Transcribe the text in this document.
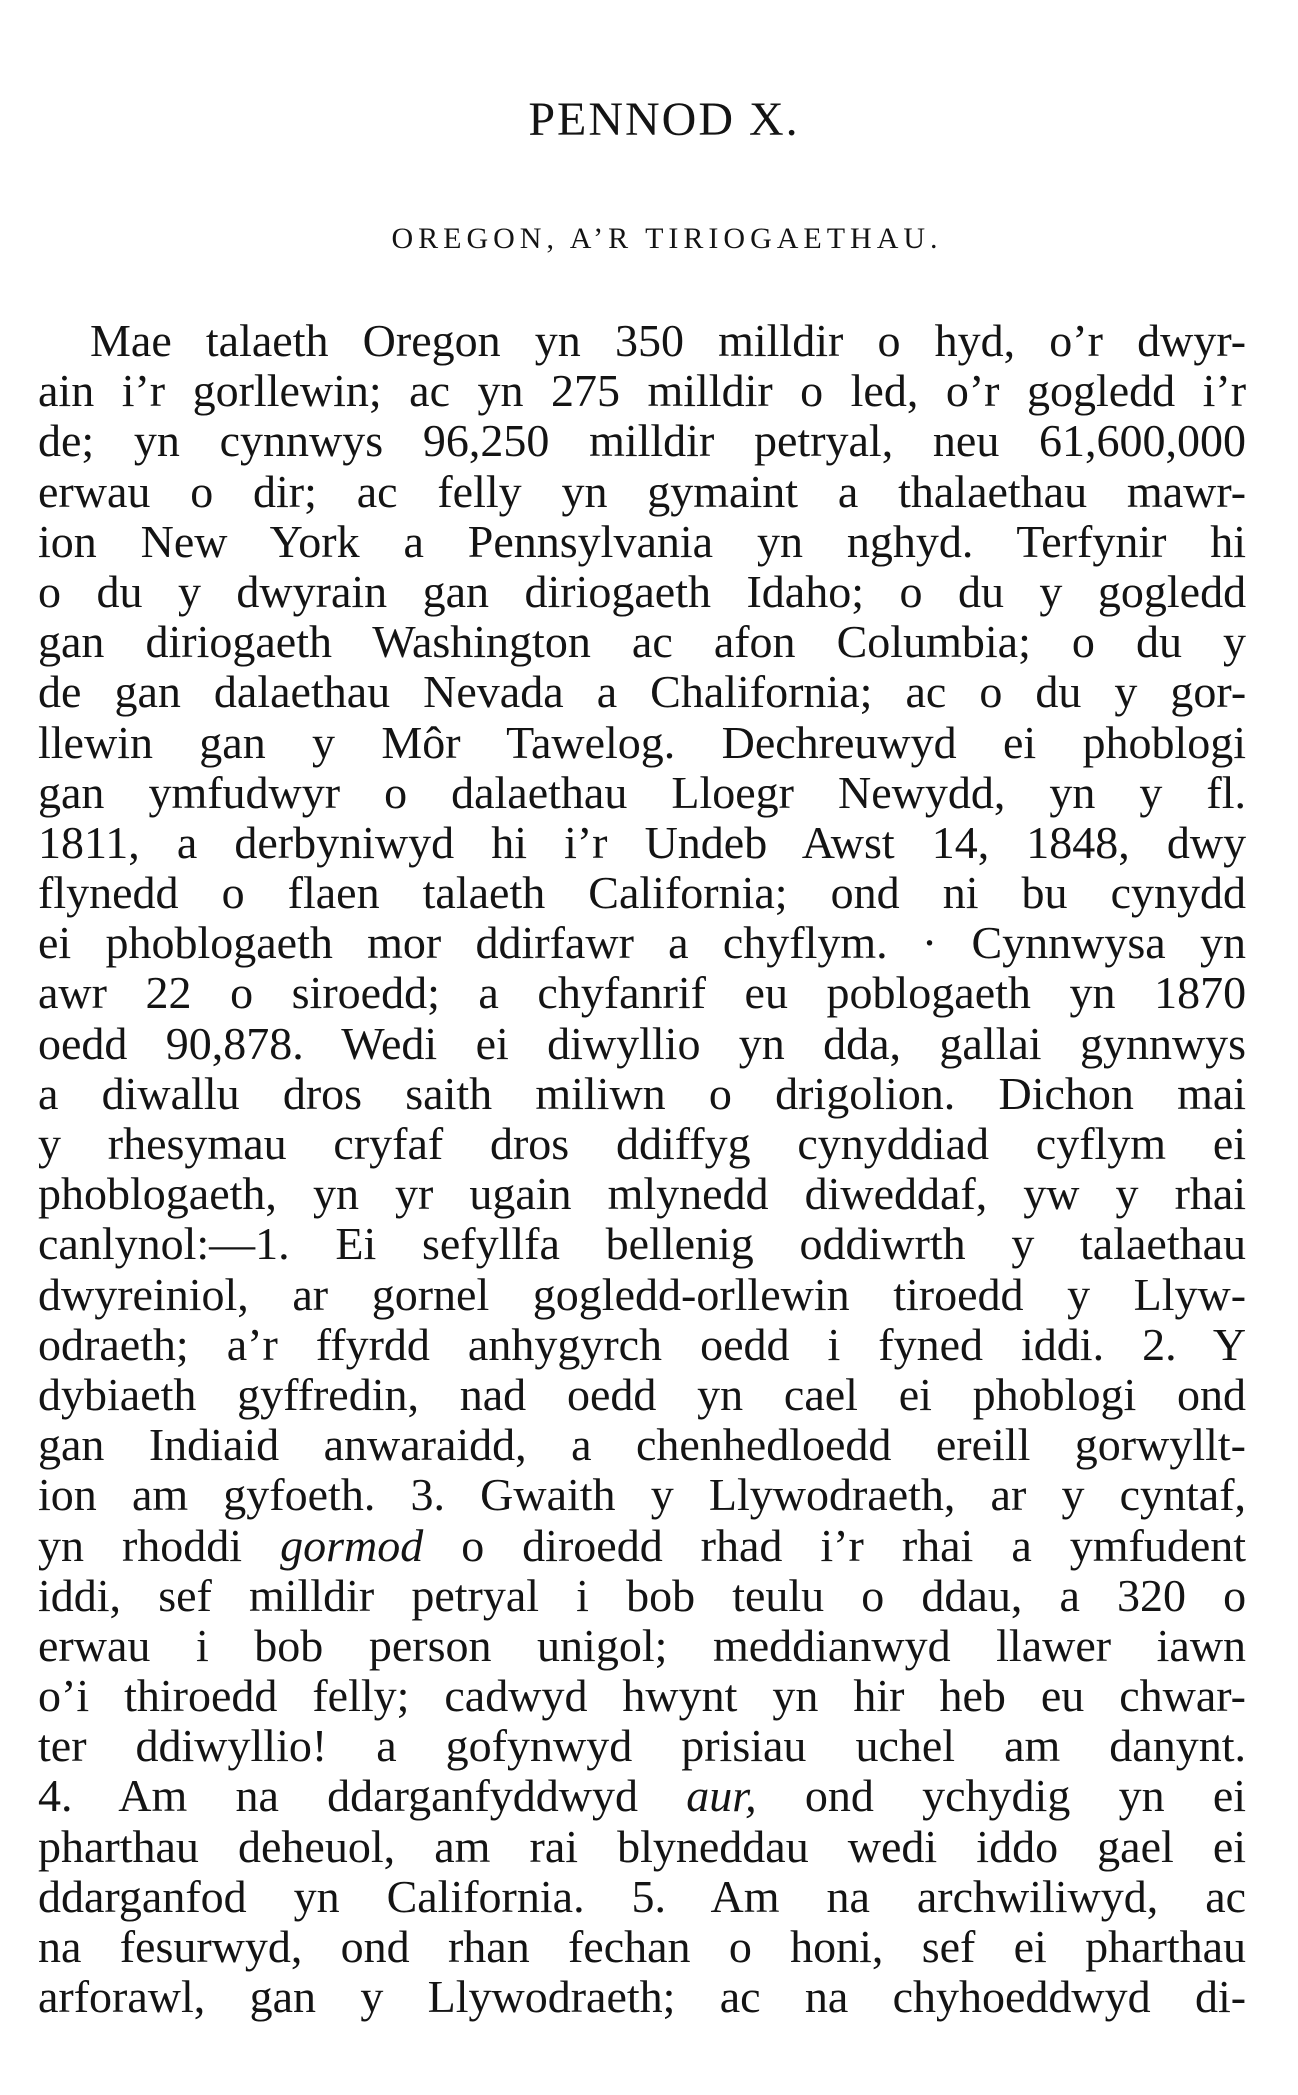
PENNOD X.
OREGON, A’R TIRIOGAETHAU.
Mae talaeth Oregon yn 350 milldir o hyd, o’r dwyr-
ain i’r gorllewin; ac yn 275 milldir o led, o’r gogledd i’r
de; yn cynnwys 96,250 milldir petryal, neu 61,600,000
erwau o dir; ac felly yn gymaint a thalaethau mawr-
ion New York a Pennsylvania yn nghyd. Terfynir hi
o du y dwyrain gan diriogaeth Idaho; o du y gogledd
gan diriogaeth Washington ac afon Columbia; o du y
de gan dalaethau Nevada a Chalifornia; ac o du y gor-
llewin gan y Môr Tawelog. Dechreuwyd ei phoblogi
gan ymfudwyr o dalaethau Lloegr Newydd, yn y fl.
1811, a derbyniwyd hi i’r Undeb Awst 14, 1848, dwy
flynedd o flaen talaeth California; ond ni bu cynydd
ei phoblogaeth mor ddirfawr a chyflym. · Cynnwysa yn
awr 22 o siroedd; a chyfanrif eu poblogaeth yn 1870
oedd 90,878. Wedi ei diwyllio yn dda, gallai gynnwys
a diwallu dros saith miliwn o drigolion. Dichon mai
y rhesymau cryfaf dros ddiffyg cynyddiad cyflym ei
phoblogaeth, yn yr ugain mlynedd diweddaf, yw y rhai
canlynol:—1. Ei sefyllfa bellenig oddiwrth y talaethau
dwyreiniol, ar gornel gogledd-orllewin tiroedd y Llyw-
odraeth; a’r ffyrdd anhygyrch oedd i fyned iddi. 2. Y
dybiaeth gyffredin, nad oedd yn cael ei phoblogi ond
gan Indiaid anwaraidd, a chenhedloedd ereill gorwyllt-
ion am gyfoeth. 3. Gwaith y Llywodraeth, ar y cyntaf,
yn rhoddi gormod o diroedd rhad i’r rhai a ymfudent
iddi, sef milldir petryal i bob teulu o ddau, a 320 o
erwau i bob person unigol; meddianwyd llawer iawn
o’i thiroedd felly; cadwyd hwynt yn hir heb eu chwar-
ter ddiwyllio! a gofynwyd prisiau uchel am danynt.
4. Am na ddarganfyddwyd aur, ond ychydig yn ei
pharthau deheuol, am rai blyneddau wedi iddo gael ei
ddarganfod yn California. 5. Am na archwiliwyd, ac
na fesurwyd, ond rhan fechan o honi, sef ei pharthau
arforawl, gan y Llywodraeth; ac na chyhoeddwyd di-
